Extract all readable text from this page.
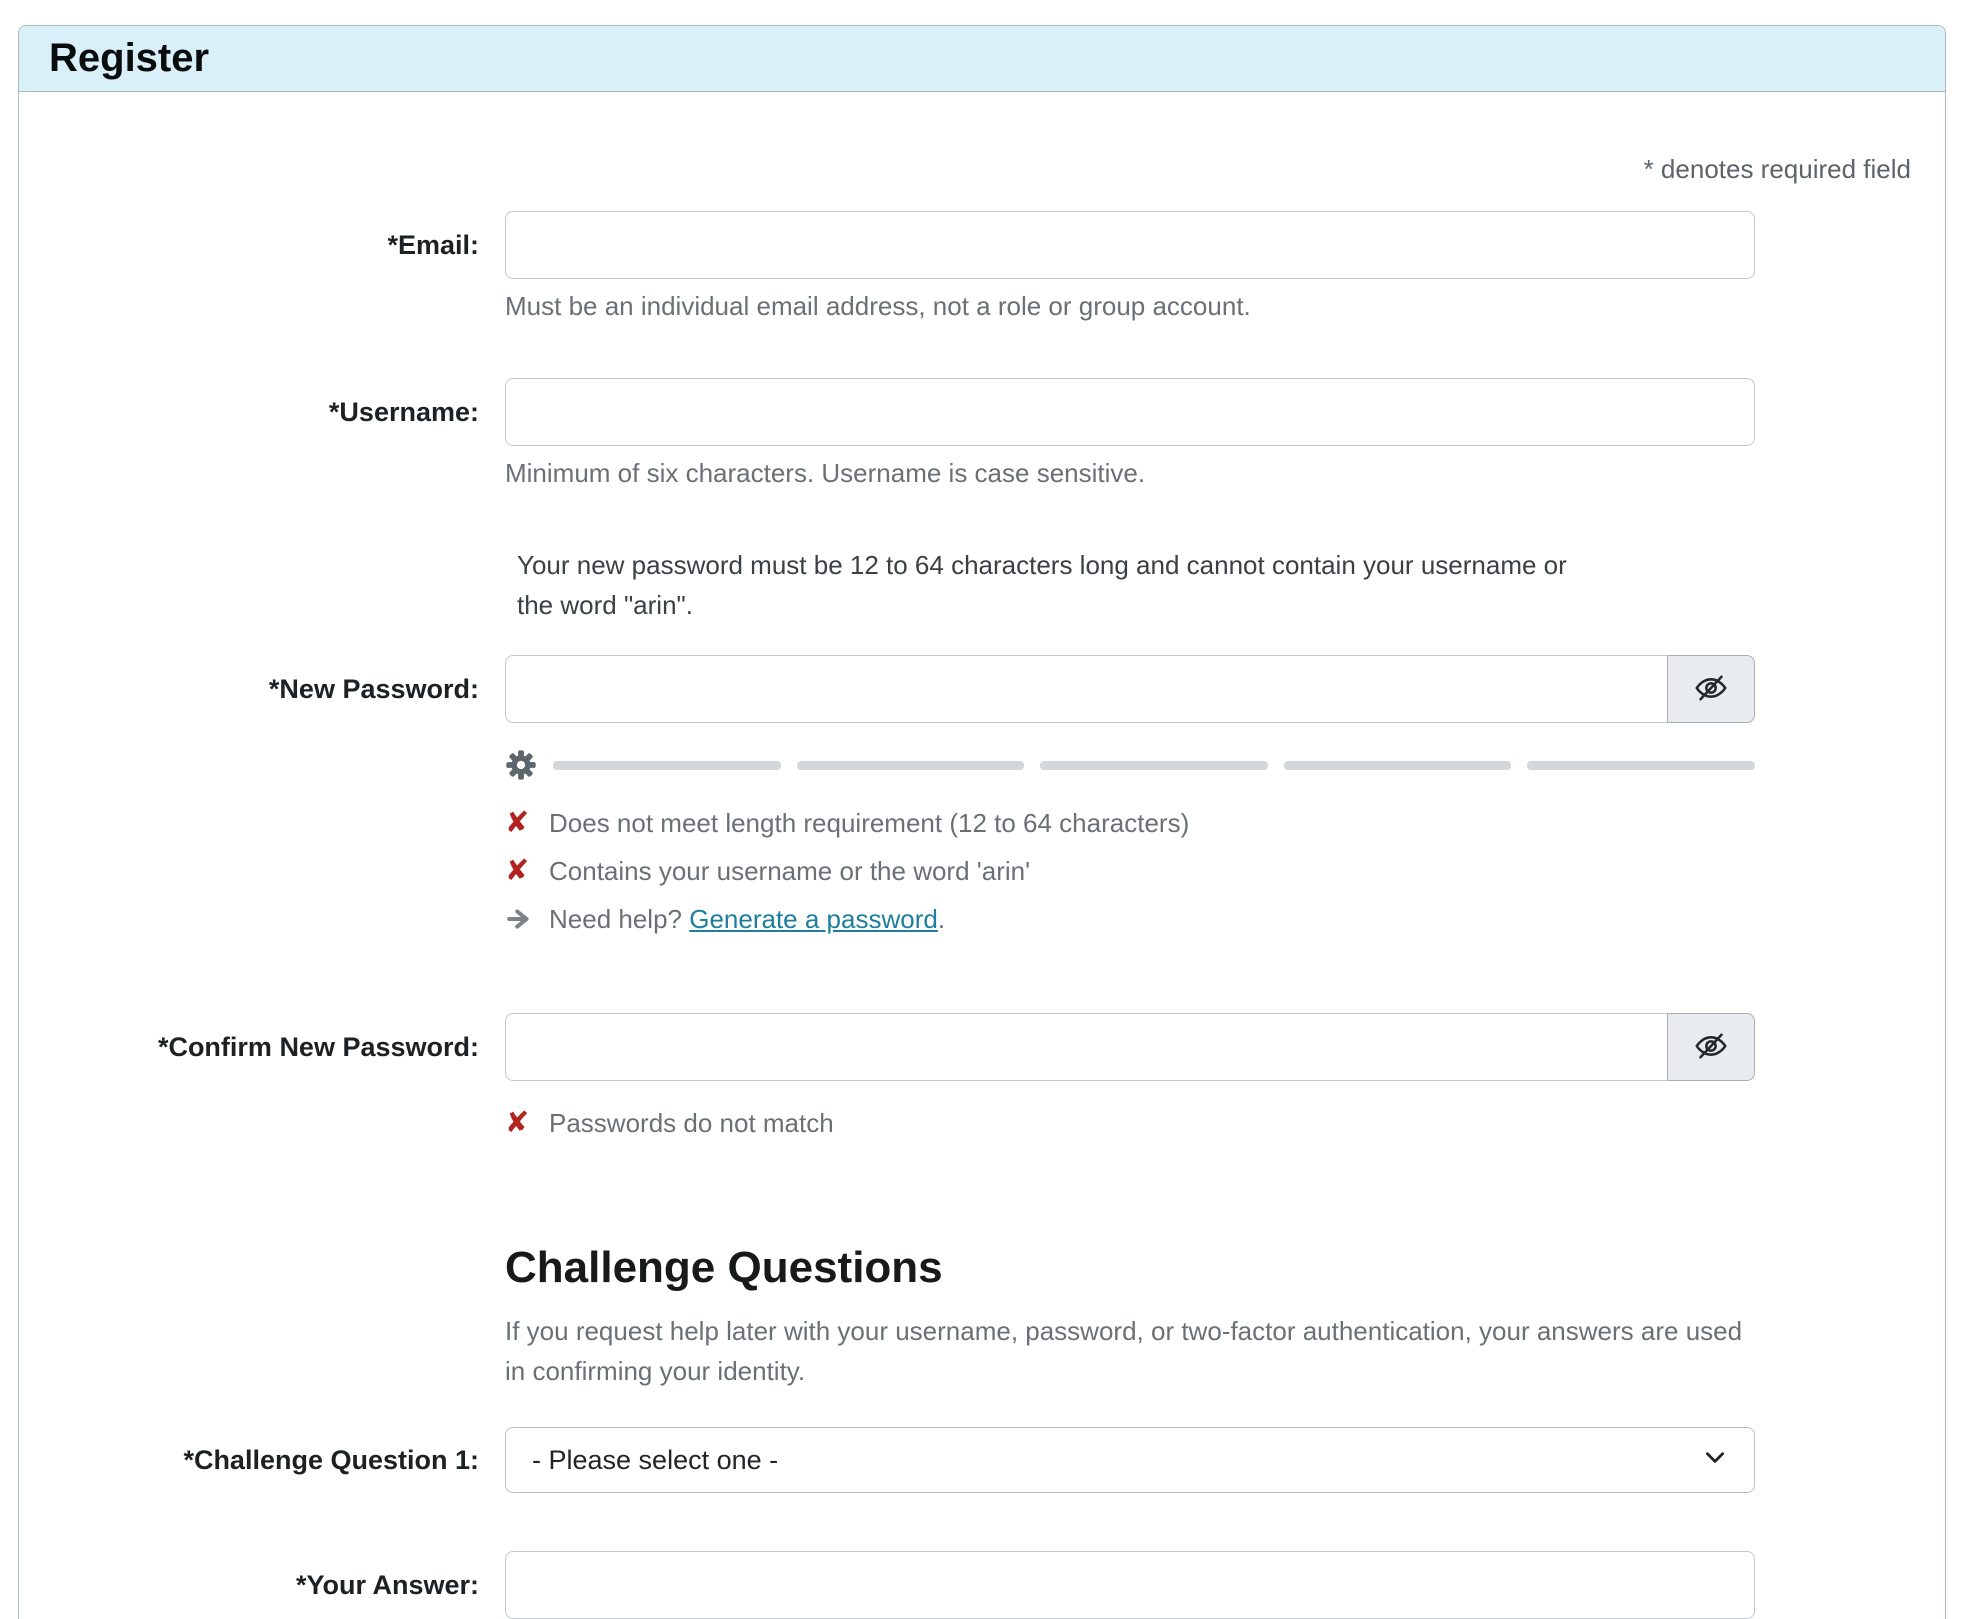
Register
* denotes required field
*Email:
Must be an individual email address, not a role or group account.
*Username:
Minimum of six characters. Username is case sensitive.
Your new password must be 12 to 64 characters long and cannot contain your username or
the word "arin".
*New Password:
✘ Does not meet length requirement (12 to 64 characters)
✘ Contains your username or the word 'arin'
Need help? Generate a password.
*Confirm New Password:
✘ Passwords do not match
Challenge Questions
If you request help later with your username, password, or two-factor authentication, your answers are used
in confirming your identity.
*Challenge Question 1:	- Please select one -
*Your Answer:
